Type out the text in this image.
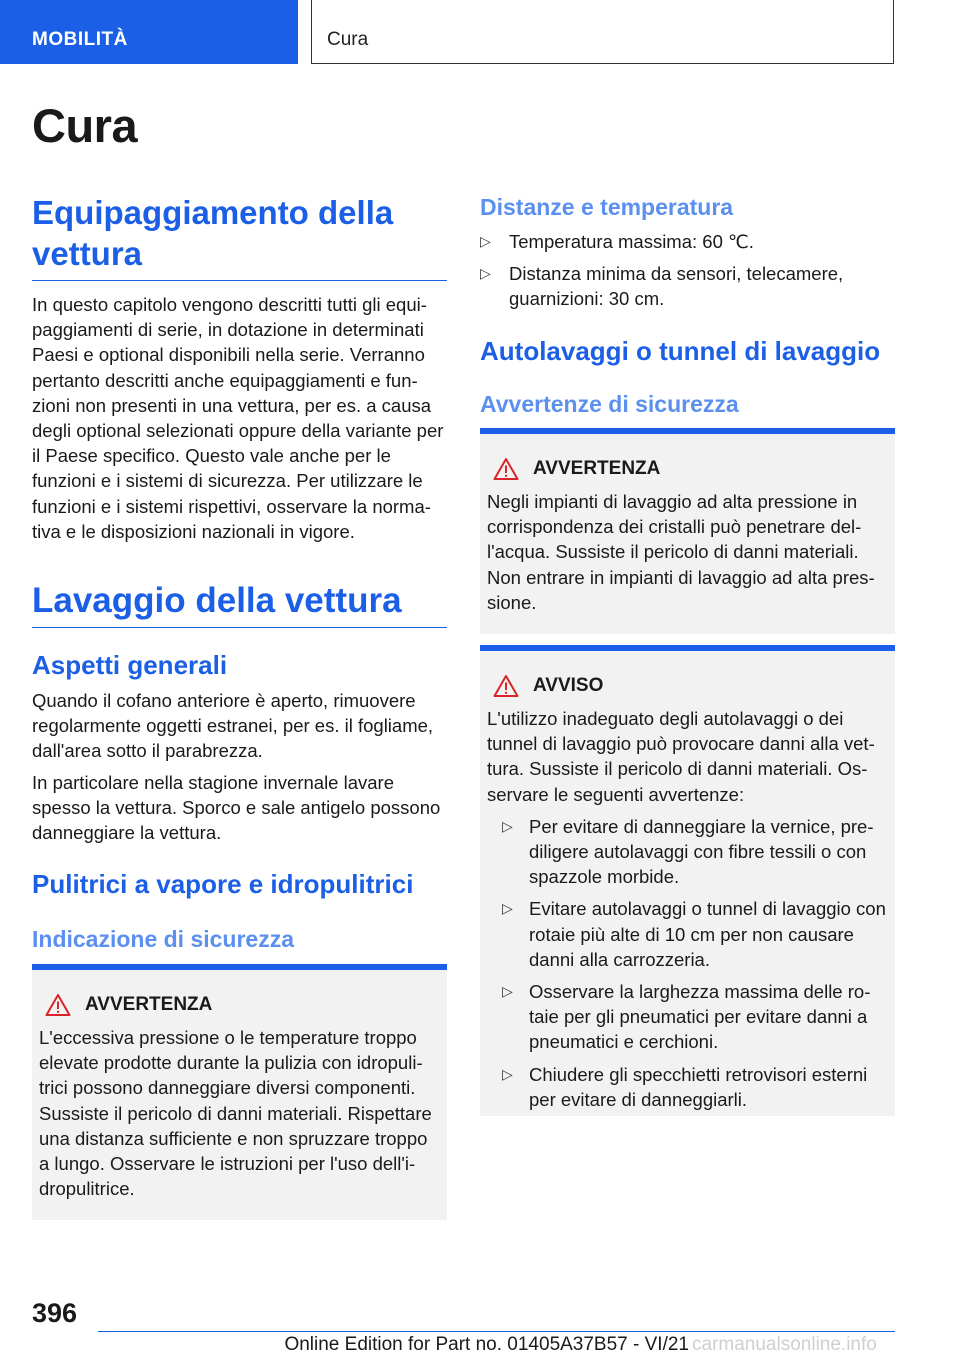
MOBILITÀ	Cura
Cura
Equipaggiamento della vettura

In questo capitolo vengono descritti tutti gli equipaggiamenti di serie, in dotazione in determinati Paesi e optional disponibili nella serie. Verranno pertanto descritti anche equipaggiamenti e funzioni non presenti in una vettura, per es. a causa degli optional selezionati oppure della variante per il Paese specifico. Questo vale anche per le funzioni e i sistemi di sicurezza. Per utilizzare le funzioni e i sistemi rispettivi, osservare la normativa e le disposizioni nazionali in vigore.

Lavaggio della vettura
Aspetti generali

Quando il cofano anteriore è aperto, rimuovere regolarmente oggetti estranei, per es. il fogliame, dall'area sotto il parabrezza.

In particolare nella stagione invernale lavare spesso la vettura. Sporco e sale antigelo possono danneggiare la vettura.

Pulitrici a vapore e idropulitrici
Indicazione di sicurezza
AVVERTENZA

L'eccessiva pressione o le temperature troppo elevate prodotte durante la pulizia con idropulitrici possono danneggiare diversi componenti. Sussiste il pericolo di danni materiali. Rispettare una distanza sufficiente e non spruzzare troppo a lungo. Osservare le istruzioni per l'uso dell'idropulitrice.

Distanze e temperatura
▷ Temperatura massima: 60 ℃.
▷ Distanza minima da sensori, telecamere, guarnizioni: 30 cm.
Autolavaggi o tunnel di lavaggio
Avvertenze di sicurezza
AVVERTENZA

Negli impianti di lavaggio ad alta pressione in corrispondenza dei cristalli può penetrare dell'acqua. Sussiste il pericolo di danni materiali. Non entrare in impianti di lavaggio ad alta pressione.

AVVISO

L'utilizzo inadeguato degli autolavaggi o dei tunnel di lavaggio può provocare danni alla vettura. Sussiste il pericolo di danni materiali. Osservare le seguenti avvertenze:

▷ Per evitare di danneggiare la vernice, prediligere autolavaggi con fibre tessili o con spazzole morbide.
▷ Evitare autolavaggi o tunnel di lavaggio con rotaie più alte di 10 cm per non causare danni alla carrozzeria.
▷ Osservare la larghezza massima delle rotaie per gli pneumatici per evitare danni a pneumatici e cerchioni.
▷ Chiudere gli specchietti retrovisori esterni per evitare di danneggiarli.
396
Online Edition for Part no. 01405A37B57 - VI/21 carmanualsonline.info
